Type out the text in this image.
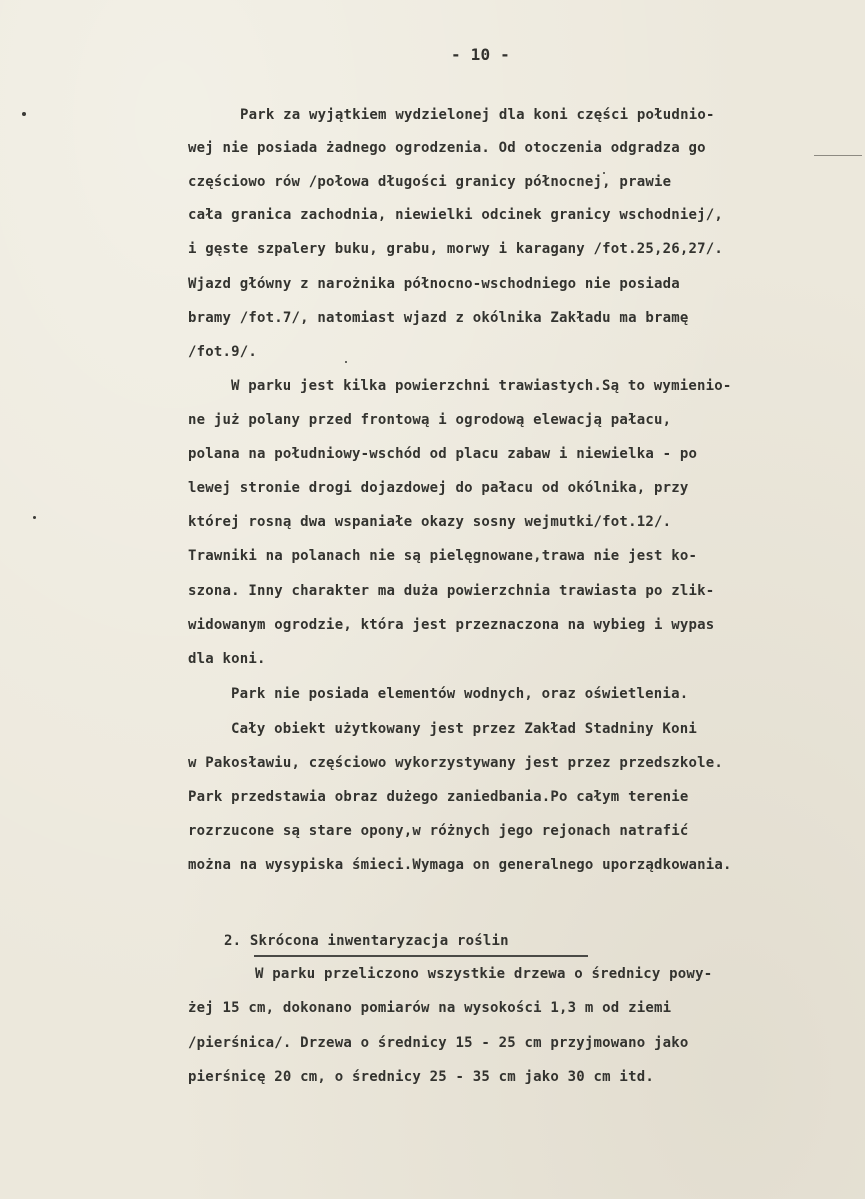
- 10 -
Park za wyjątkiem wydzielonej dla koni części południo-
wej nie posiada żadnego ogrodzenia. Od otoczenia odgradza go
częściowo rów /połowa długości granicy północnej, prawie
cała granica zachodnia, niewielki odcinek granicy wschodniej/,
i gęste szpalery buku, grabu, morwy i karagany /fot.25,26,27/.
Wjazd główny z narożnika północno-wschodniego nie posiada
bramy /fot.7/, natomiast wjazd z okólnika Zakładu ma bramę
/fot.9/.
W parku jest kilka powierzchni trawiastych.Są to wymienio-
ne już polany przed frontową i ogrodową elewacją pałacu,
polana na południowy-wschód od placu zabaw i niewielka - po
lewej stronie drogi dojazdowej do pałacu od okólnika, przy
której rosną dwa wspaniałe okazy sosny wejmutki/fot.12/.
Trawniki na polanach nie są pielęgnowane,trawa nie jest ko-
szona. Inny charakter ma duża powierzchnia trawiasta po zlik-
widowanym ogrodzie, która jest przeznaczona na wybieg i wypas
dla koni.
Park nie posiada elementów wodnych, oraz oświetlenia.
Cały obiekt użytkowany jest przez Zakład Stadniny Koni
w Pakosławiu, częściowo wykorzystywany jest przez przedszkole.
Park przedstawia obraz dużego zaniedbania.Po całym terenie
rozrzucone są stare opony,w różnych jego rejonach natrafić
można na wysypiska śmieci.Wymaga on generalnego uporządkowania.
2. Skrócona inwentaryzacja roślin
W parku przeliczono wszystkie drzewa o średnicy powy-
żej 15 cm, dokonano pomiarów na wysokości 1,3 m od ziemi
/pierśnica/. Drzewa o średnicy 15 - 25 cm przyjmowano jako
pierśnicę 20 cm, o średnicy 25 - 35 cm jako 30 cm itd.
